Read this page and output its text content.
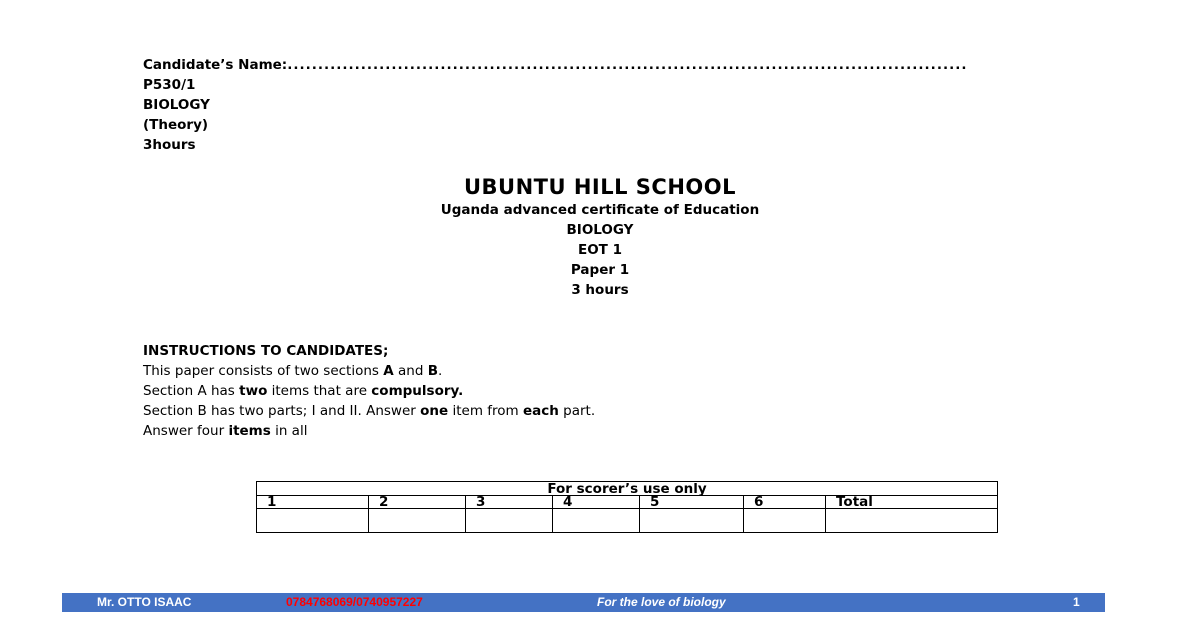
Candidate’s Name: ...............................................................................................................
P530/1
BIOLOGY
(Theory)
3hours
UBUNTU HILL SCHOOL
Uganda advanced certificate of Education
BIOLOGY
EOT 1
Paper 1
3 hours
INSTRUCTIONS TO CANDIDATES;
This paper consists of two sections A and B.
Section A has two items that are compulsory.
Section B has two parts; I and II. Answer one item from each part.
Answer four items in all
For scorer’s use only						
1	2	3	4	5	6	Total

Mr. OTTO ISAAC	0784768069/0740957227	For the love of biology	1
